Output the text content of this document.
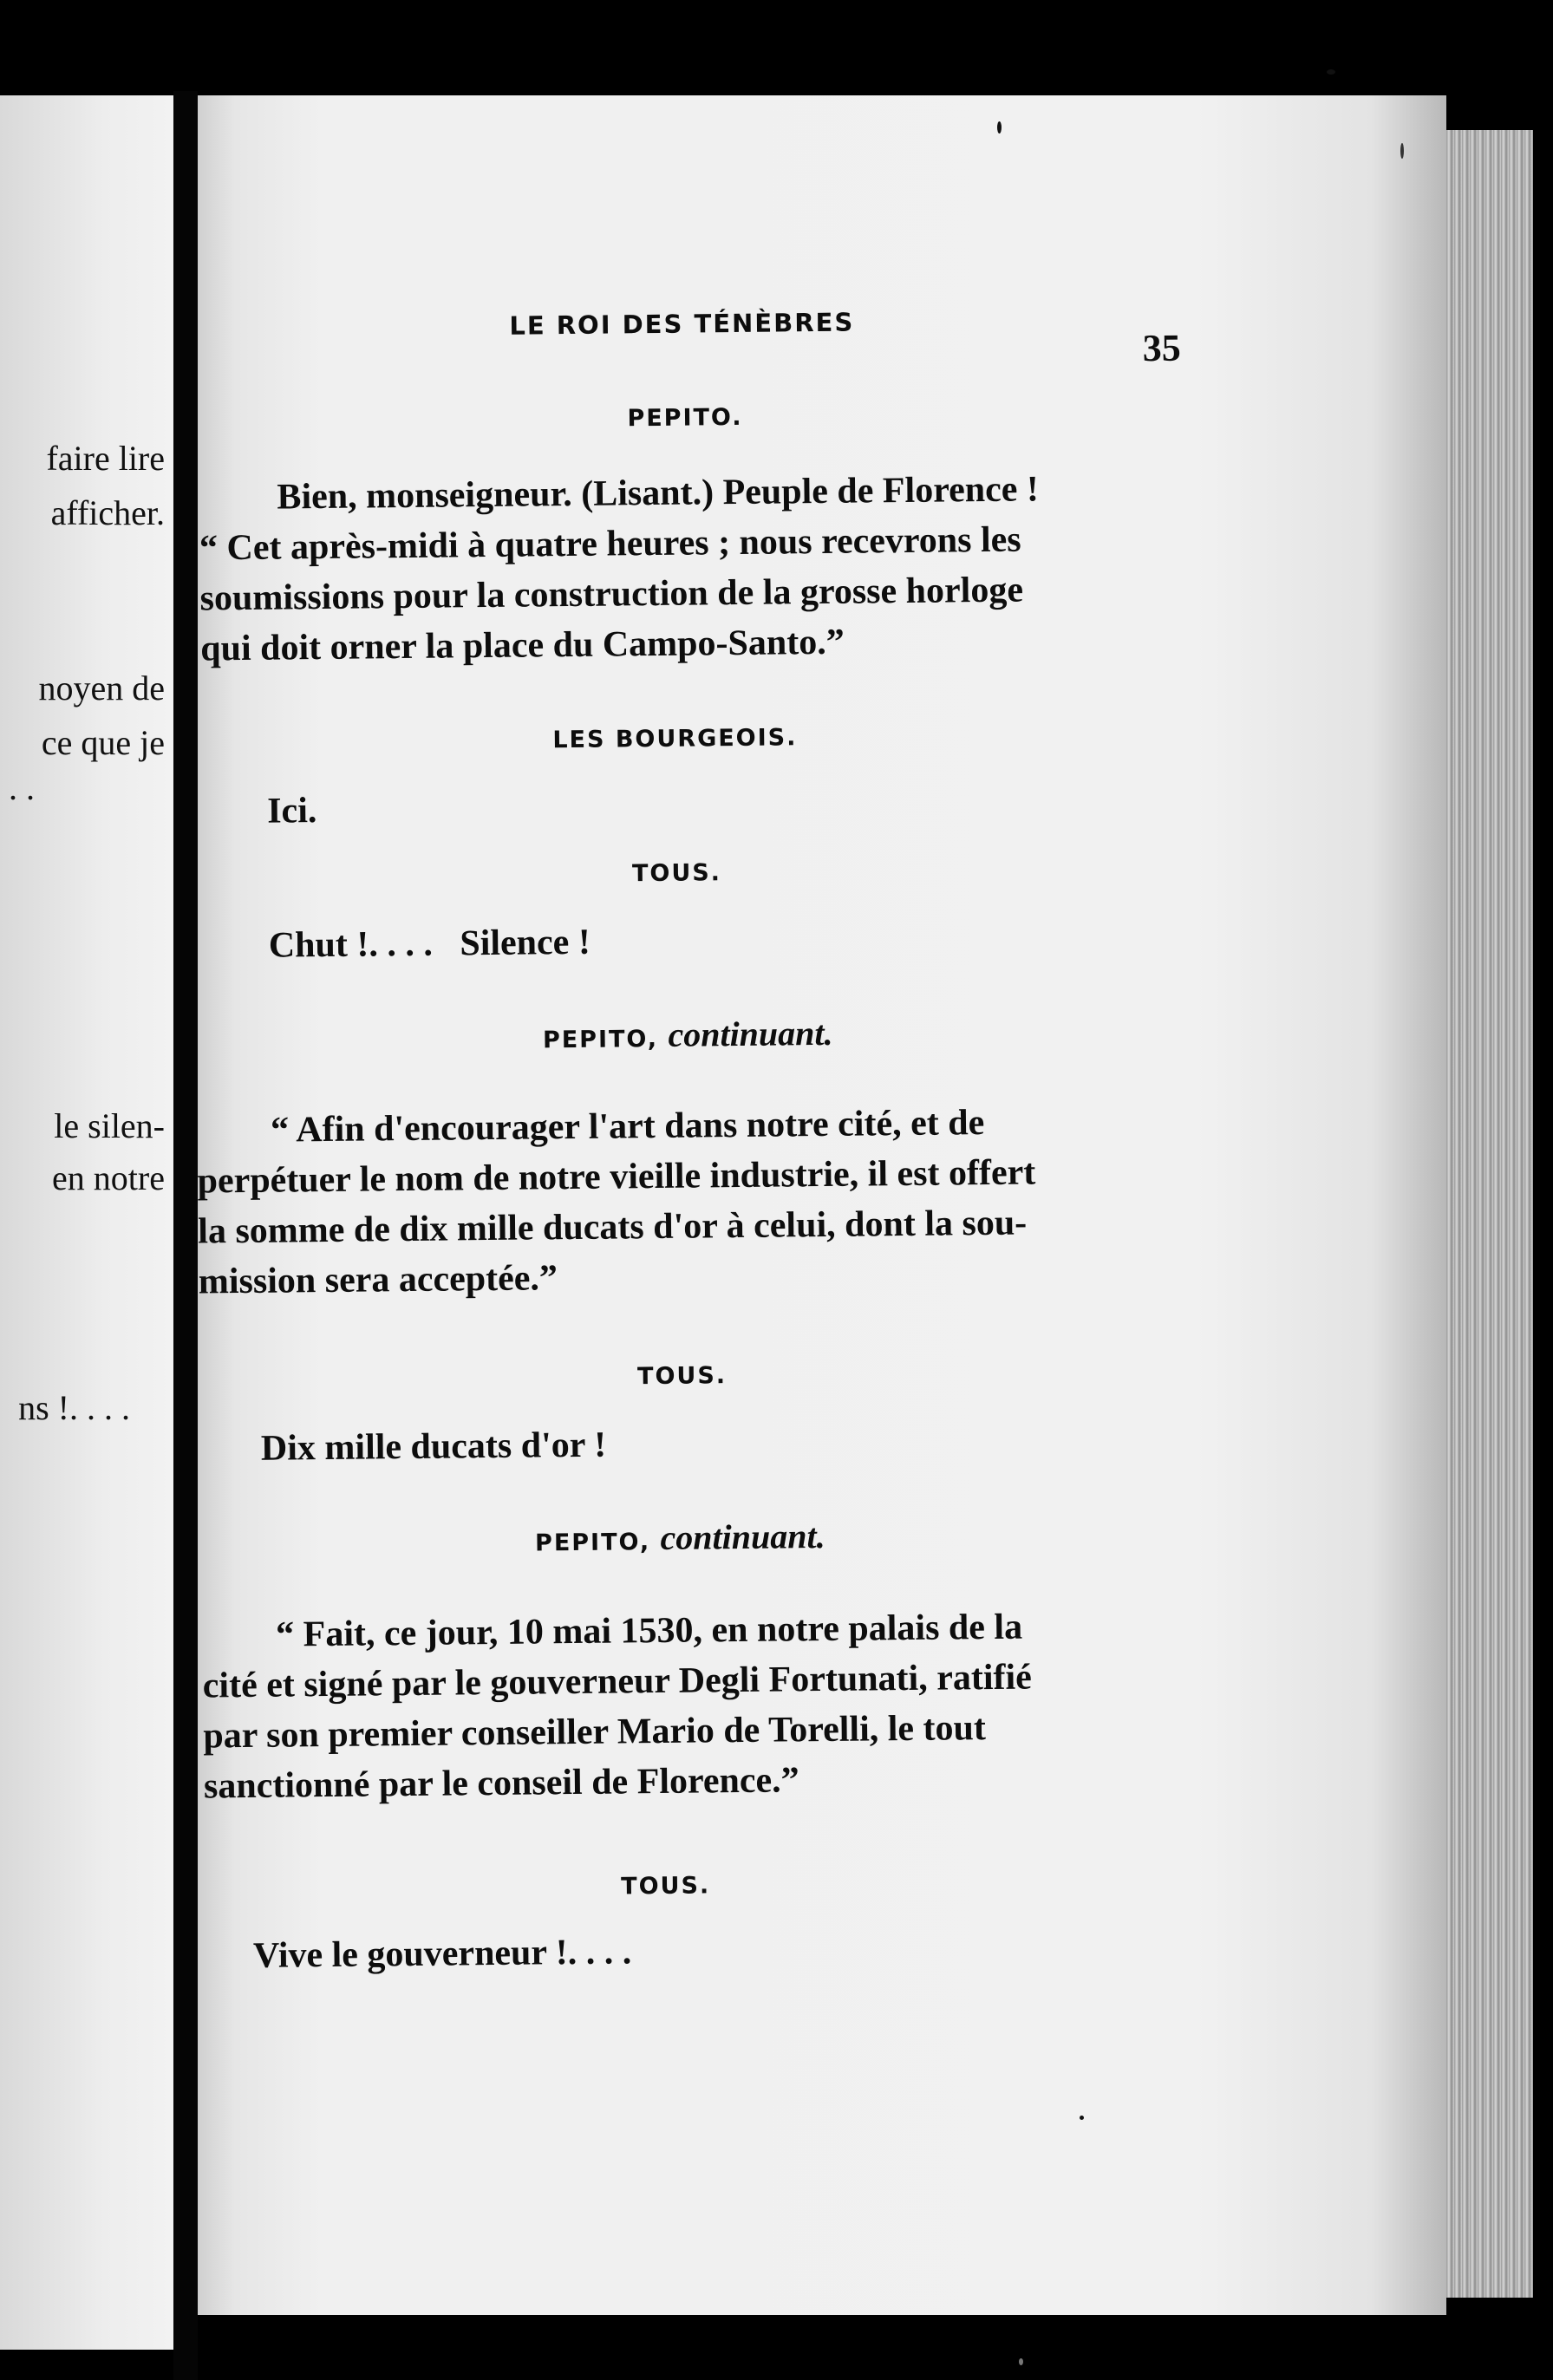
faire lire
afficher.
noyen de
ce que je
. .
le silen-
en notre
ns !. . . .
LE ROI DES TÉNÈBRES
35
PEPITO.
Bien, monseigneur. (Lisant.) Peuple de Florence !
“ Cet après-midi à quatre heures ; nous recevrons les
soumissions pour la construction de la grosse horloge
qui doit orner la place du Campo-Santo.”
LES BOURGEOIS.
Ici.
TOUS.
Chut !. . . .   Silence !
PEPITO, continuant.
“ Afin d'encourager l'art dans notre cité, et de
perpétuer le nom de notre vieille industrie, il est offert
la somme de dix mille ducats d'or à celui, dont la sou-
mission sera acceptée.”
TOUS.
Dix mille ducats d'or !
PEPITO, continuant.
“ Fait, ce jour, 10 mai 1530, en notre palais de la
cité et signé par le gouverneur Degli Fortunati, ratifié
par son premier conseiller Mario de Torelli, le tout
sanctionné par le conseil de Florence.”
TOUS.
Vive le gouverneur !. . . .
